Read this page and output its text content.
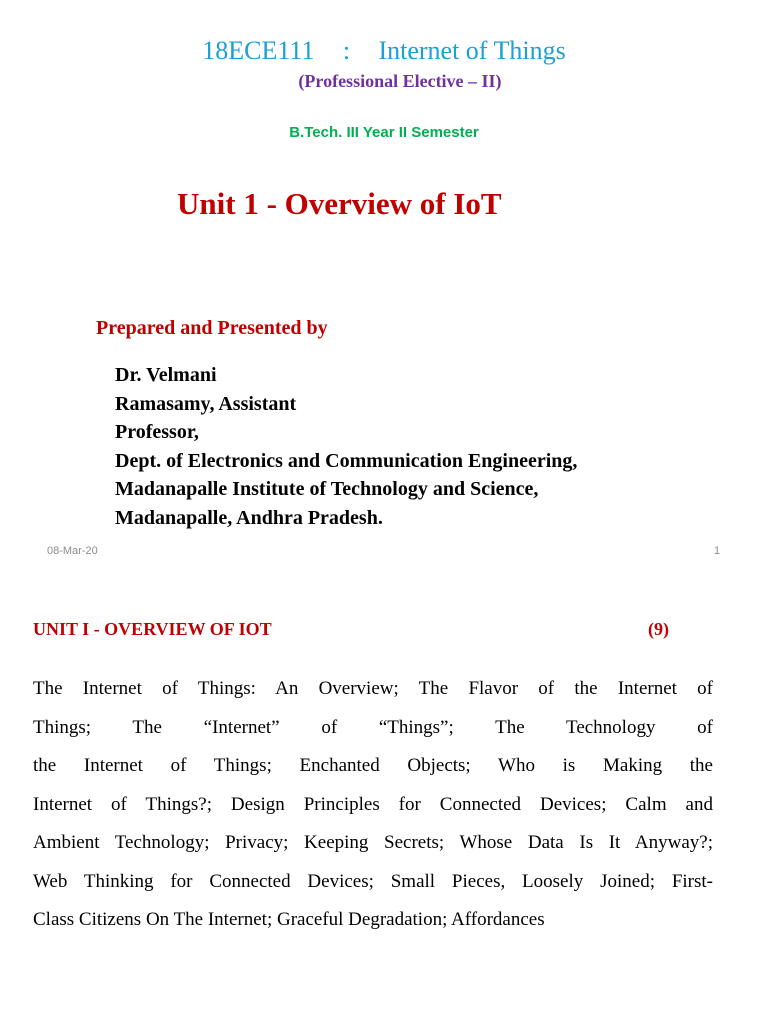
18ECE111 : Internet of Things
(Professional Elective – II)
B.Tech. III Year II Semester
Unit 1 - Overview of IoT
Prepared and Presented by
Dr. Velmani
Ramasamy, Assistant
Professor,
Dept. of Electronics and Communication Engineering,
Madanapalle Institute of Technology and Science,
Madanapalle, Andhra Pradesh.
08-Mar-20	1
UNIT I - OVERVIEW OF IOT	(9)
The Internet of Things: An Overview; The Flavor of the Internet of
Things; The “Internet” of “Things”; The Technology of
the Internet of Things; Enchanted Objects; Who is Making the
Internet of Things?; Design Principles for Connected Devices; Calm and
Ambient Technology; Privacy; Keeping Secrets; Whose Data Is It Anyway?;
Web Thinking for Connected Devices; Small Pieces, Loosely Joined; First-
Class Citizens On The Internet; Graceful Degradation; Affordances
